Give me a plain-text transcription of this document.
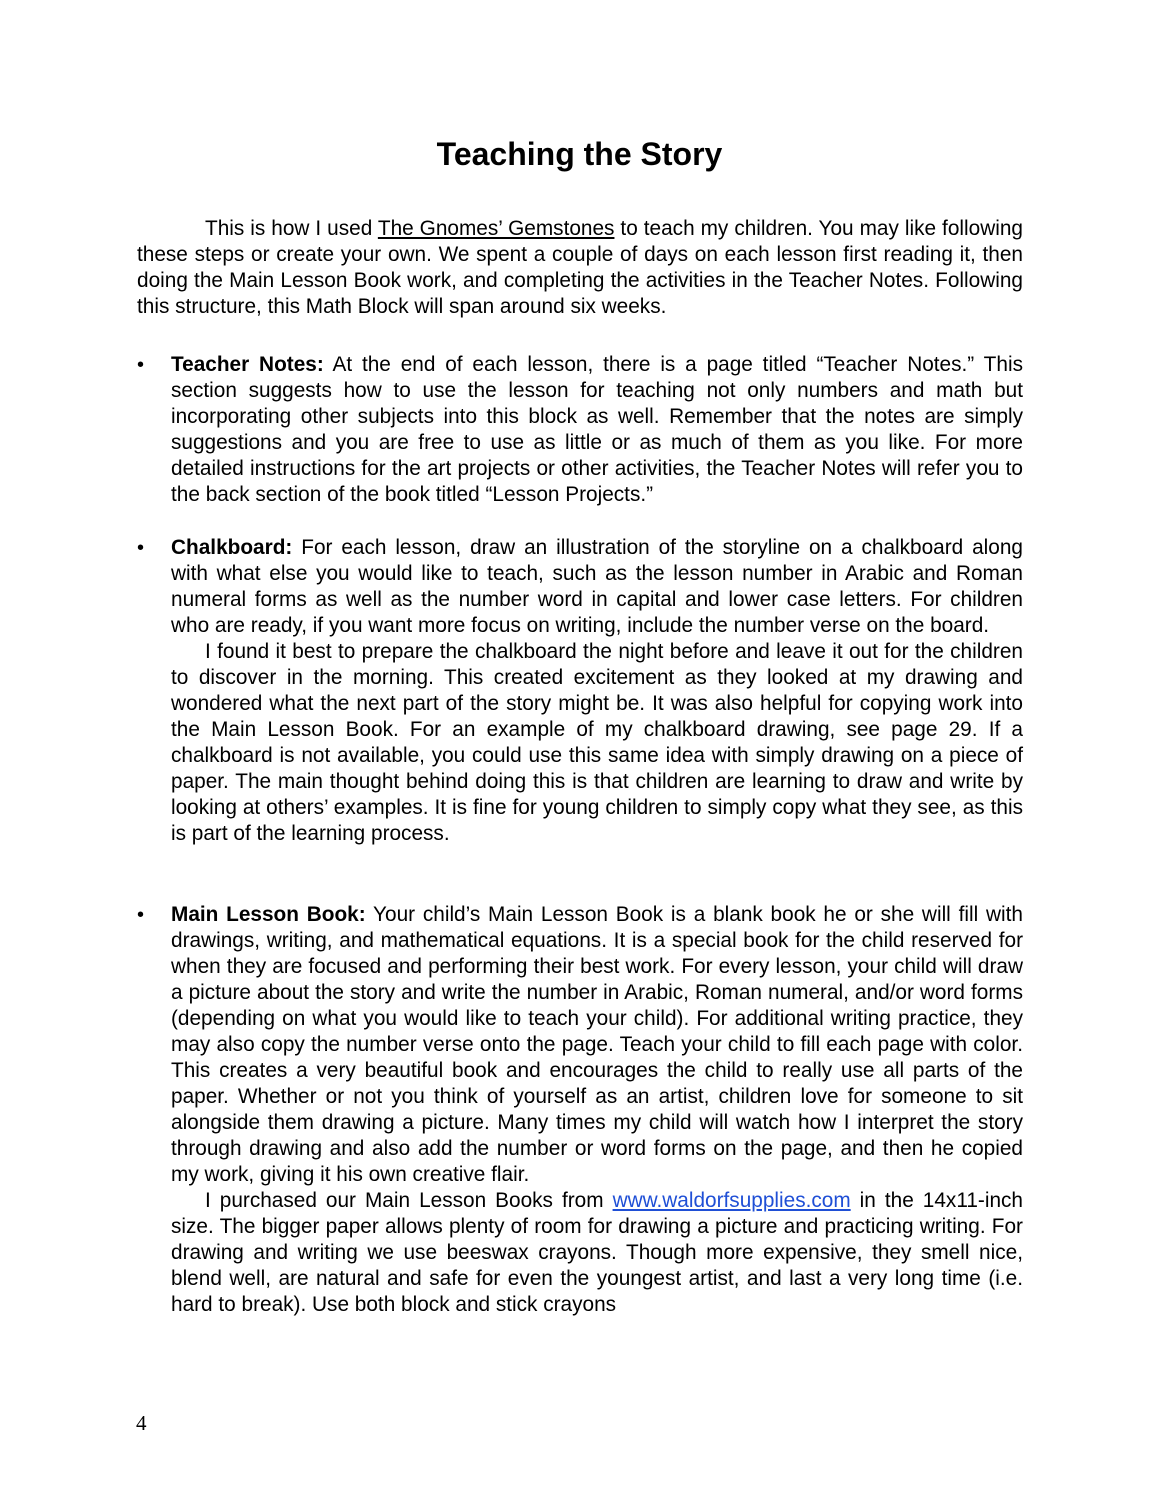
Teaching the Story

This is how I used The Gnomes’ Gemstones to teach my children. You may like following these steps or create your own. We spent a couple of days on each lesson first reading it, then doing the Main Lesson Book work, and completing the activities in the Teacher Notes. Following this structure, this Math Block will span around six weeks.

•	Teacher Notes: At the end of each lesson, there is a page titled “Teacher Notes.” This section suggests how to use the lesson for teaching not only numbers and math but incorporating other subjects into this block as well. Remember that the notes are simply suggestions and you are free to use as little or as much of them as you like. For more detailed instructions for the art projects or other activities, the Teacher Notes will refer you to the back section of the book titled “Lesson Projects.”

•	Chalkboard: For each lesson, draw an illustration of the storyline on a chalkboard along with what else you would like to teach, such as the lesson number in Arabic and Roman numeral forms as well as the number word in capital and lower case letters. For children who are ready, if you want more focus on writing, include the number verse on the board.

I found it best to prepare the chalkboard the night before and leave it out for the children to discover in the morning. This created excitement as they looked at my drawing and wondered what the next part of the story might be. It was also helpful for copying work into the Main Lesson Book. For an example of my chalkboard drawing, see page 29. If a chalkboard is not available, you could use this same idea with simply drawing on a piece of paper. The main thought behind doing this is that children are learning to draw and write by looking at others’ examples. It is fine for young children to simply copy what they see, as this is part of the learning process.

•	Main Lesson Book: Your child’s Main Lesson Book is a blank book he or she will fill with drawings, writing, and mathematical equations. It is a special book for the child reserved for when they are focused and performing their best work. For every lesson, your child will draw a picture about the story and write the number in Arabic, Roman numeral, and/or word forms (depending on what you would like to teach your child). For additional writing practice, they may also copy the number verse onto the page. Teach your child to fill each page with color. This creates a very beautiful book and encourages the child to really use all parts of the paper. Whether or not you think of yourself as an artist, children love for someone to sit alongside them drawing a picture. Many times my child will watch how I interpret the story through drawing and also add the number or word forms on the page, and then he copied my work, giving it his own creative flair.

I purchased our Main Lesson Books from www.waldorfsupplies.com in the 14x11-inch size. The bigger paper allows plenty of room for drawing a picture and practicing writing. For drawing and writing we use beeswax crayons. Though more expensive, they smell nice, blend well, are natural and safe for even the youngest artist, and last a very long time (i.e. hard to break). Use both block and stick crayons

4
